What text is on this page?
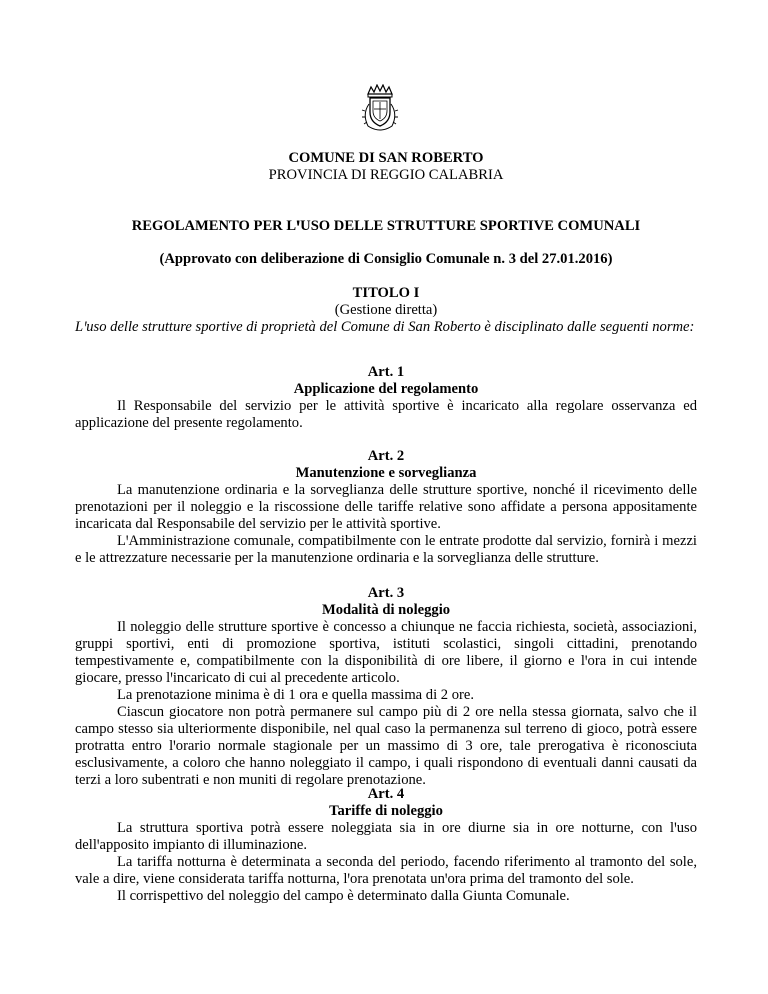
COMUNE DI SAN ROBERTO

PROVINCIA DI REGGIO CALABRIA

REGOLAMENTO PER LꞌUSO DELLE STRUTTURE SPORTIVE COMUNALI
(Approvato con deliberazione di Consiglio Comunale n. 3 del 27.01.2016)

TITOLO I

(Gestione diretta)

Lꞌuso delle strutture sportive di proprietà del Comune di San Roberto è disciplinato dalle seguenti norme:

Art. 1

Applicazione del regolamento

Il Responsabile del servizio per le attività sportive è incaricato alla regolare osservanza ed applicazione del presente regolamento.

Art. 2

Manutenzione e sorveglianza

La manutenzione ordinaria e la sorveglianza delle strutture sportive, nonché il ricevimento delle prenotazioni per il noleggio e la riscossione delle tariffe relative sono affidate a persona appositamente incaricata dal Responsabile del servizio per le attività sportive.

LꞌAmministrazione comunale, compatibilmente con le entrate prodotte dal servizio, fornirà i mezzi e le attrezzature necessarie per la manutenzione ordinaria e la sorveglianza delle strutture.

Art. 3

Modalità di noleggio

Il noleggio delle strutture sportive è concesso a chiunque ne faccia richiesta, società, associazioni, gruppi sportivi, enti di promozione sportiva, istituti scolastici, singoli cittadini, prenotando tempestivamente e, compatibilmente con la disponibilità di ore libere, il giorno e lꞌora in cui intende giocare, presso lꞌincaricato di cui al precedente articolo.

La prenotazione minima è di 1 ora e quella massima di 2 ore.

Ciascun giocatore non potrà permanere sul campo più di 2 ore nella stessa giornata, salvo che il campo stesso sia ulteriormente disponibile, nel qual caso la permanenza sul terreno di gioco, potrà essere protratta entro lꞌorario normale stagionale per un massimo di 3 ore, tale prerogativa è riconosciuta esclusivamente, a coloro che hanno noleggiato il campo, i quali rispondono di eventuali danni causati da terzi a loro subentrati e non muniti di regolare prenotazione.

Art. 4

Tariffe di noleggio

La struttura sportiva potrà essere noleggiata sia in ore diurne sia in ore notturne, con lꞌuso dellꞌapposito impianto di illuminazione.

La tariffa notturna è determinata a seconda del periodo, facendo riferimento al tramonto del sole, vale a dire, viene considerata tariffa notturna, lꞌora prenotata unꞌora prima del tramonto del sole.

Il corrispettivo del noleggio del campo è determinato dalla Giunta Comunale.
